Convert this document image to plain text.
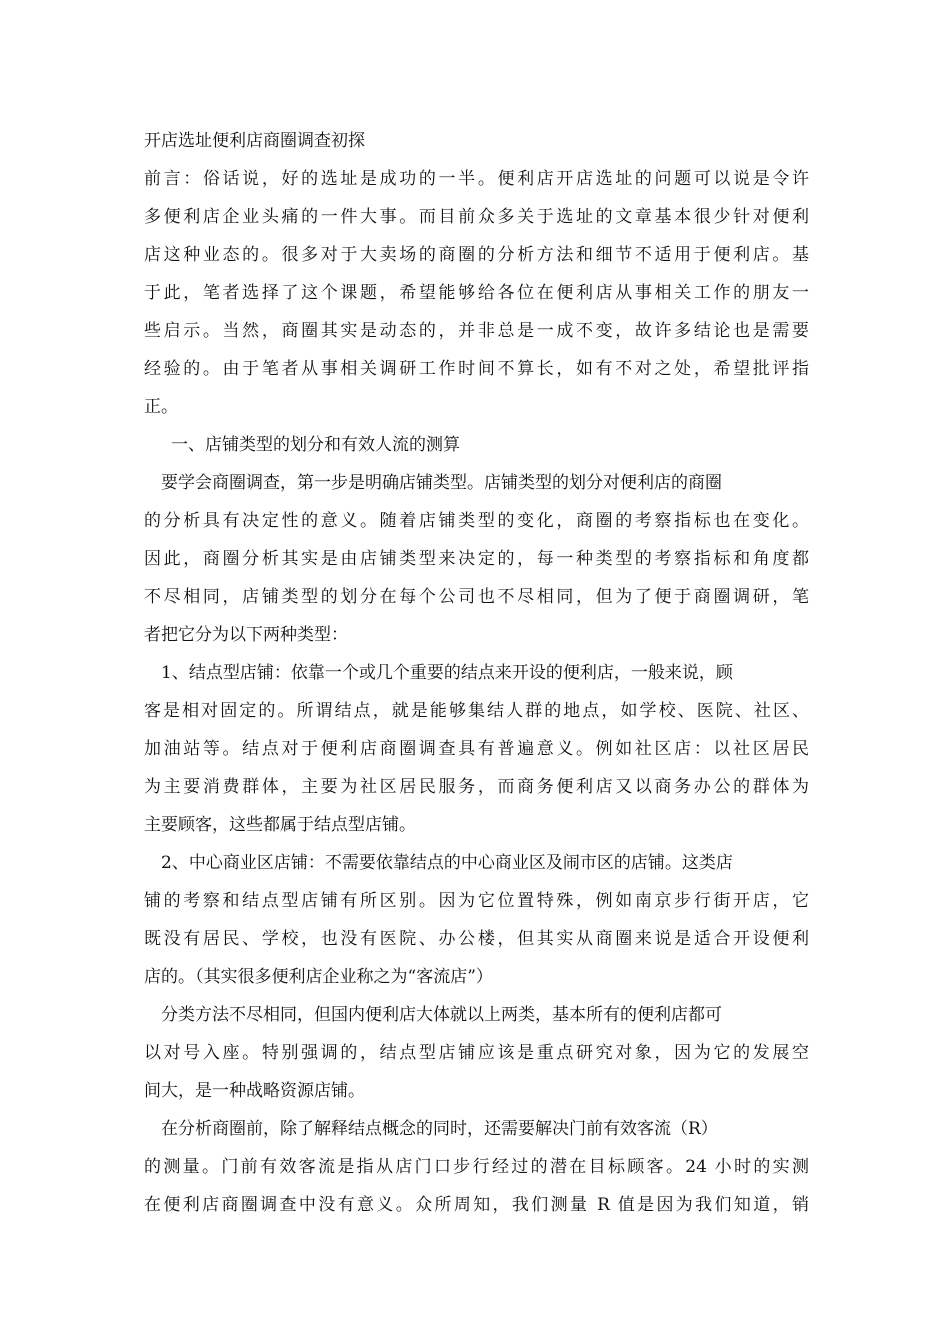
开店选址便利店商圈调查初探
前言：俗话说，好的选址是成功的一半。便利店开店选址的问题可以说是令许
多便利店企业头痛的一件大事。而目前众多关于选址的文章基本很少针对便利
店这种业态的。很多对于大卖场的商圈的分析方法和细节不适用于便利店。基
于此，笔者选择了这个课题，希望能够给各位在便利店从事相关工作的朋友一
些启示。当然，商圈其实是动态的，并非总是一成不变，故许多结论也是需要
经验的。由于笔者从事相关调研工作时间不算长，如有不对之处，希望批评指
正。
一、店铺类型的划分和有效人流的测算
要学会商圈调查，第一步是明确店铺类型。店铺类型的划分对便利店的商圈
的分析具有决定性的意义。随着店铺类型的变化，商圈的考察指标也在变化。
因此，商圈分析其实是由店铺类型来决定的，每一种类型的考察指标和角度都
不尽相同，店铺类型的划分在每个公司也不尽相同，但为了便于商圈调研，笔
者把它分为以下两种类型：
1、结点型店铺：依靠一个或几个重要的结点来开设的便利店，一般来说，顾
客是相对固定的。所谓结点，就是能够集结人群的地点，如学校、医院、社区、
加油站等。结点对于便利店商圈调查具有普遍意义。例如社区店：以社区居民
为主要消费群体，主要为社区居民服务，而商务便利店又以商务办公的群体为
主要顾客，这些都属于结点型店铺。
2、中心商业区店铺：不需要依靠结点的中心商业区及闹市区的店铺。这类店
铺的考察和结点型店铺有所区别。因为它位置特殊，例如南京步行街开店，它
既没有居民、学校，也没有医院、办公楼，但其实从商圈来说是适合开设便利
店的。（其实很多便利店企业称之为“客流店”）
分类方法不尽相同，但国内便利店大体就以上两类，基本所有的便利店都可
以对号入座。特别强调的，结点型店铺应该是重点研究对象，因为它的发展空
间大，是一种战略资源店铺。
在分析商圈前，除了解释结点概念的同时，还需要解决门前有效客流（R）
的测量。门前有效客流是指从店门口步行经过的潜在目标顾客。24 小时的实测
在便利店商圈调查中没有意义。众所周知，我们测量 R 值是因为我们知道，销
